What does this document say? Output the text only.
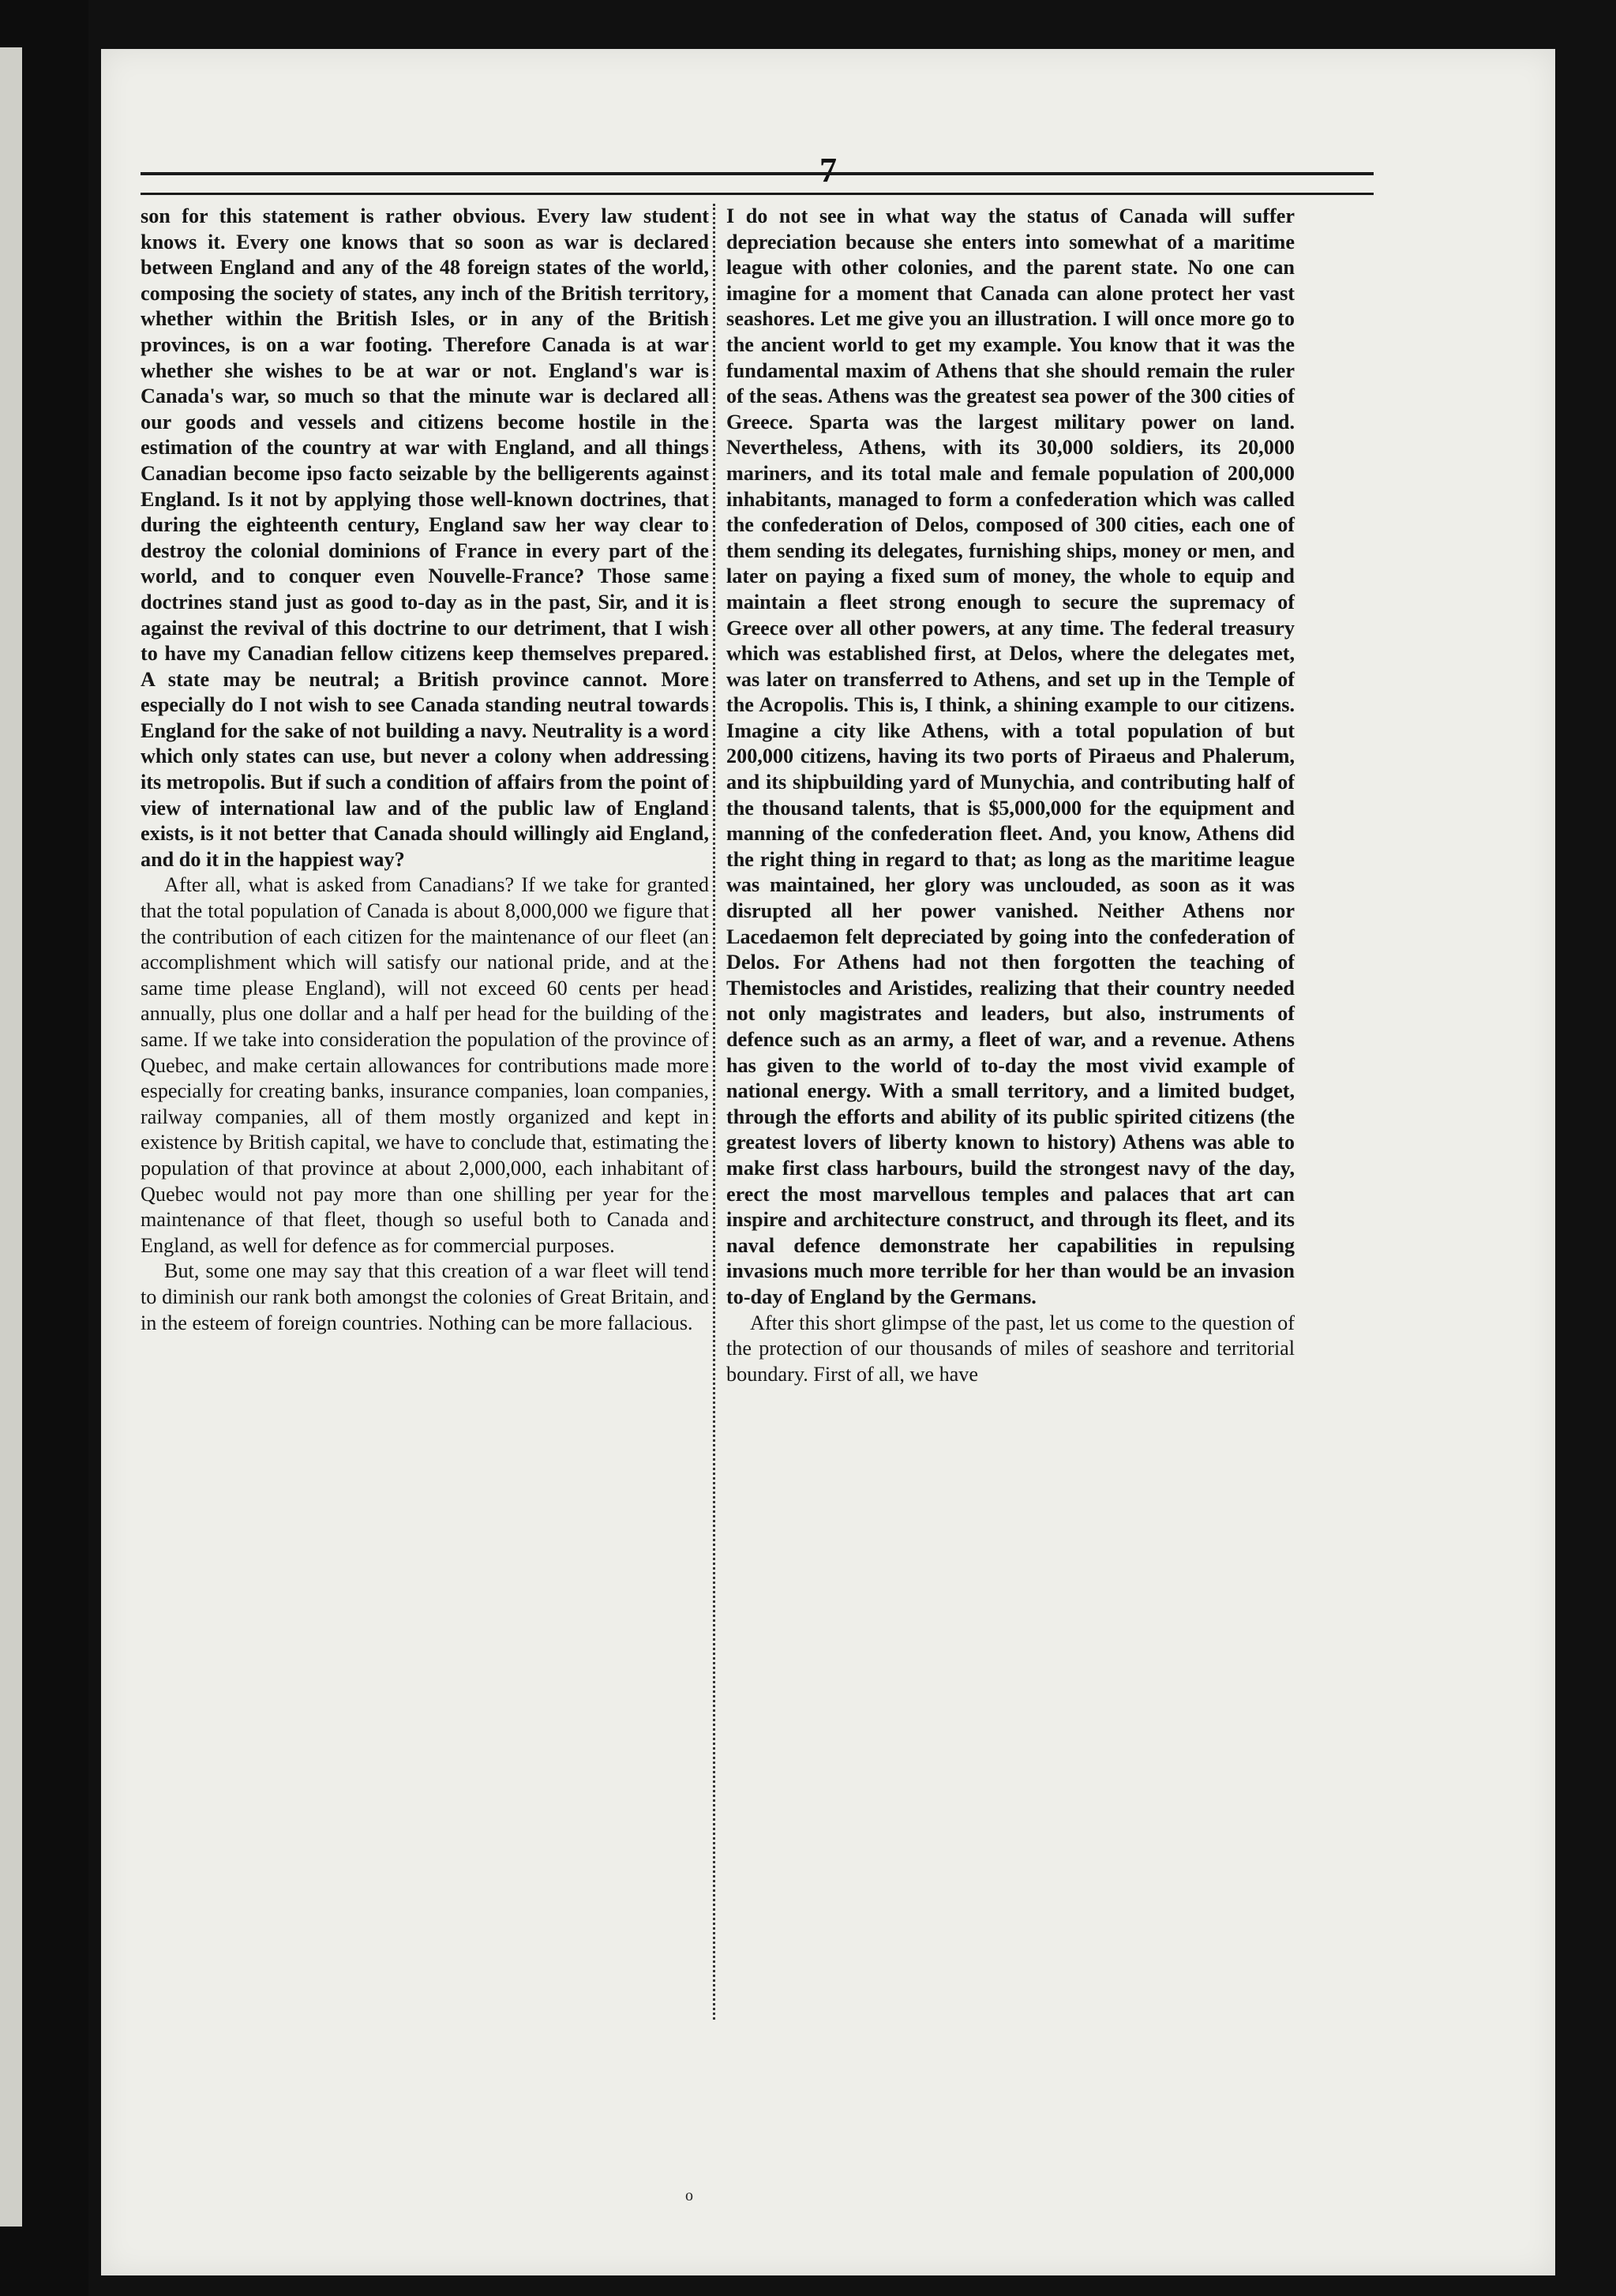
7

son for this statement is rather obvious. Every law student knows it. Every one knows that so soon as war is declared between England and any of the 48 foreign states of the world, composing the society of states, any inch of the British territory, whether within the British Isles, or in any of the British provinces, is on a war footing. Therefore Canada is at war whether she wishes to be at war or not. England's war is Canada's war, so much so that the minute war is declared all our goods and vessels and citizens become hostile in the estimation of the country at war with England, and all things Canadian become ipso facto seizable by the belligerents against England. Is it not by applying those well-known doctrines, that during the eighteenth century, England saw her way clear to destroy the colonial dominions of France in every part of the world, and to conquer even Nouvelle-France? Those same doctrines stand just as good to-day as in the past, Sir, and it is against the revival of this doctrine to our detriment, that I wish to have my Canadian fellow citizens keep themselves prepared. A state may be neutral; a British province cannot. More especially do I not wish to see Canada standing neutral towards England for the sake of not building a navy. Neutrality is a word which only states can use, but never a colony when addressing its metropolis. But if such a condition of affairs from the point of view of international law and of the public law of England exists, is it not better that Canada should willingly aid England, and do it in the happiest way?

After all, what is asked from Canadians? If we take for granted that the total population of Canada is about 8,000,000 we figure that the contribution of each citizen for the maintenance of our fleet (an accomplishment which will satisfy our national pride, and at the same time please England), will not exceed 60 cents per head annually, plus one dollar and a half per head for the building of the same. If we take into consideration the population of the province of Quebec, and make certain allowances for contributions made more especially for creating banks, insurance companies, loan companies, railway companies, all of them mostly organized and kept in existence by British capital, we have to conclude that, estimating the population of that province at about 2,000,000, each inhabitant of Quebec would not pay more than one shilling per year for the maintenance of that fleet, though so useful both to Canada and England, as well for defence as for commercial purposes.

But, some one may say that this creation of a war fleet will tend to diminish our rank both amongst the colonies of Great Britain, and in the esteem of foreign countries. Nothing can be more fallacious.

I do not see in what way the status of Canada will suffer depreciation because she enters into somewhat of a maritime league with other colonies, and the parent state. No one can imagine for a moment that Canada can alone protect her vast seashores. Let me give you an illustration. I will once more go to the ancient world to get my example. You know that it was the fundamental maxim of Athens that she should remain the ruler of the seas. Athens was the greatest sea power of the 300 cities of Greece. Sparta was the largest military power on land. Nevertheless, Athens, with its 30,000 soldiers, its 20,000 mariners, and its total male and female population of 200,000 inhabitants, managed to form a confederation which was called the confederation of Delos, composed of 300 cities, each one of them sending its delegates, furnishing ships, money or men, and later on paying a fixed sum of money, the whole to equip and maintain a fleet strong enough to secure the supremacy of Greece over all other powers, at any time. The federal treasury which was established first, at Delos, where the delegates met, was later on transferred to Athens, and set up in the Temple of the Acropolis. This is, I think, a shining example to our citizens. Imagine a city like Athens, with a total population of but 200,000 citizens, having its two ports of Piraeus and Phalerum, and its shipbuilding yard of Munychia, and contributing half of the thousand talents, that is $5,000,000 for the equipment and manning of the confederation fleet. And, you know, Athens did the right thing in regard to that; as long as the maritime league was maintained, her glory was unclouded, as soon as it was disrupted all her power vanished. Neither Athens nor Lacedaemon felt depreciated by going into the confederation of Delos. For Athens had not then forgotten the teaching of Themistocles and Aristides, realizing that their country needed not only magistrates and leaders, but also, instruments of defence such as an army, a fleet of war, and a revenue. Athens has given to the world of to-day the most vivid example of national energy. With a small territory, and a limited budget, through the efforts and ability of its public spirited citizens (the greatest lovers of liberty known to history) Athens was able to make first class harbours, build the strongest navy of the day, erect the most marvellous temples and palaces that art can inspire and architecture construct, and through its fleet, and its naval defence demonstrate her capabilities in repulsing invasions much more terrible for her than would be an invasion to-day of England by the Germans.

After this short glimpse of the past, let us come to the question of the protection of our thousands of miles of seashore and territorial boundary. First of all, we have

o
